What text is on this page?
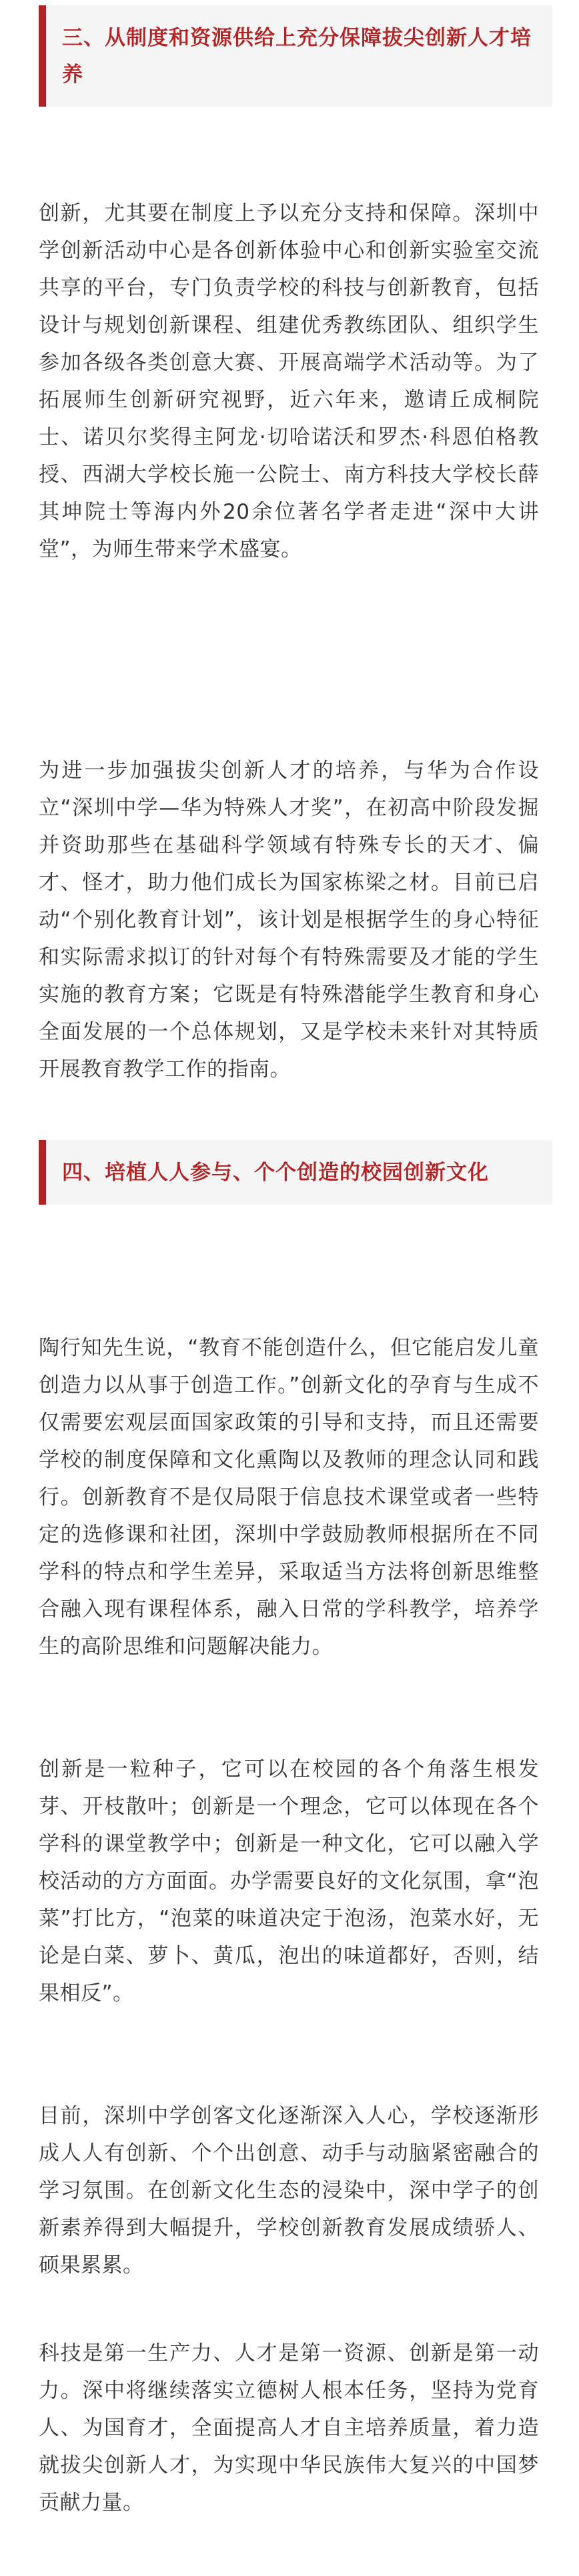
三、从制度和资源供给上充分保障拔尖创新人才培养

创新，尤其要在制度上予以充分支持和保障。深圳中学创新活动中心是各创新体验中心和创新实验室交流共享的平台，专门负责学校的科技与创新教育，包括设计与规划创新课程、组建优秀教练团队、组织学生参加各级各类创意大赛、开展高端学术活动等。为了拓展师生创新研究视野，近六年来，邀请丘成桐院士、诺贝尔奖得主阿龙·切哈诺沃和罗杰·科恩伯格教授、西湖大学校长施一公院士、南方科技大学校长薛其坤院士等海内外20余位著名学者走进“深中大讲堂”，为师生带来学术盛宴。

为进一步加强拔尖创新人才的培养，与华为合作设立“深圳中学—华为特殊人才奖”，在初高中阶段发掘并资助那些在基础科学领域有特殊专长的天才、偏才、怪才，助力他们成长为国家栋梁之材。目前已启动“个别化教育计划”，该计划是根据学生的身心特征和实际需求拟订的针对每个有特殊需要及才能的学生实施的教育方案；它既是有特殊潜能学生教育和身心全面发展的一个总体规划，又是学校未来针对其特质开展教育教学工作的指南。

四、培植人人参与、个个创造的校园创新文化

陶行知先生说，“教育不能创造什么，但它能启发儿童创造力以从事于创造工作。”创新文化的孕育与生成不仅需要宏观层面国家政策的引导和支持，而且还需要学校的制度保障和文化熏陶以及教师的理念认同和践行。创新教育不是仅局限于信息技术课堂或者一些特定的选修课和社团，深圳中学鼓励教师根据所在不同学科的特点和学生差异，采取适当方法将创新思维整合融入现有课程体系，融入日常的学科教学，培养学生的高阶思维和问题解决能力。

创新是一粒种子，它可以在校园的各个角落生根发芽、开枝散叶；创新是一个理念，它可以体现在各个学科的课堂教学中；创新是一种文化，它可以融入学校活动的方方面面。办学需要良好的文化氛围，拿“泡菜”打比方，“泡菜的味道决定于泡汤，泡菜水好，无论是白菜、萝卜、黄瓜，泡出的味道都好，否则，结果相反”。

目前，深圳中学创客文化逐渐深入人心，学校逐渐形成人人有创新、个个出创意、动手与动脑紧密融合的学习氛围。在创新文化生态的浸染中，深中学子的创新素养得到大幅提升，学校创新教育发展成绩骄人、硕果累累。

科技是第一生产力、人才是第一资源、创新是第一动力。深中将继续落实立德树人根本任务，坚持为党育人、为国育才，全面提高人才自主培养质量，着力造就拔尖创新人才，为实现中华民族伟大复兴的中国梦贡献力量。
